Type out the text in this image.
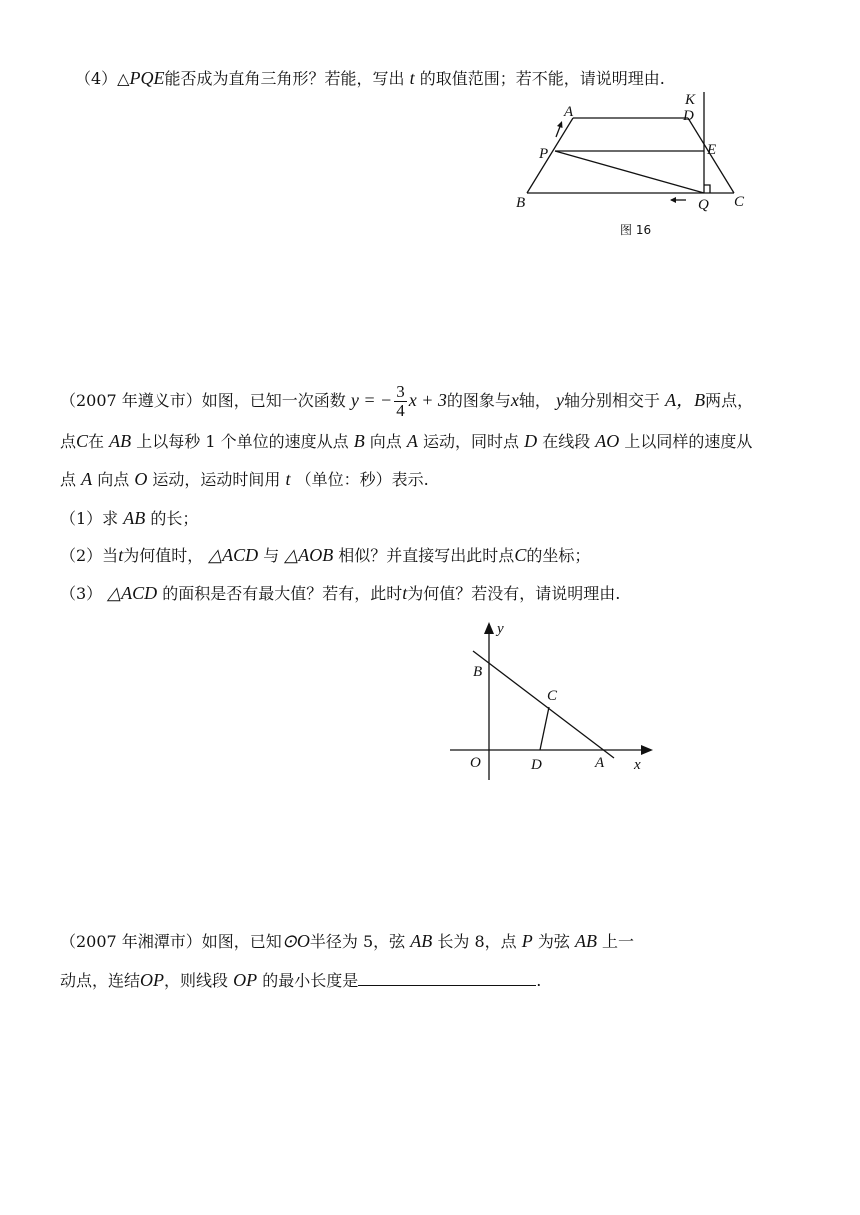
（4）△PQE能否成为直角三角形？若能，写出 t 的取值范围；若不能，请说明理由.
A
K
D
P	E
B	Q C
图 16
（2007 年遵义市）如图，已知一次函数 y = − $\frac{3}{4}$ x + 3的图象与x轴， y轴分别相交于 A，B两点，
点C在 AB 上以每秒 1 个单位的速度从点 B 向点 A 运动，同时点 D 在线段 AO 上以同样的速度从
点 A 向点 O 运动，运动时间用 t （单位：秒）表示.
（1）求 AB 的长；
（2）当t为何值时， △ACD 与 △AOB 相似？并直接写出此时点C的坐标；
（3） △ACD 的面积是否有最大值？若有，此时t为何值？若没有，请说明理由.
y
B
C
O	D	A x
（2007 年湘潭市）如图，已知⊙O半径为 5，弦 AB 长为 8，点 P 为弦 AB 上一
动点，连结OP，则线段 OP 的最小长度是	.
